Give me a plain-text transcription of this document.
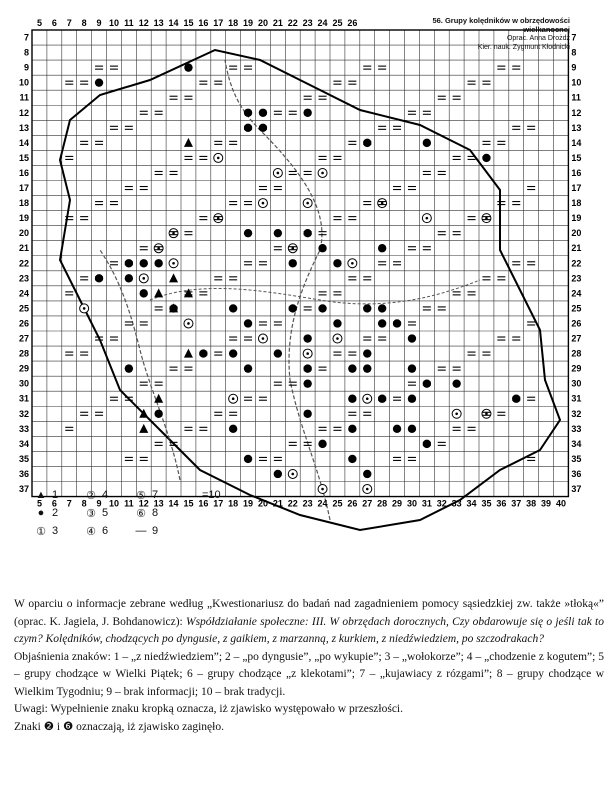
5 6 7 8 9 10 11 12 13 14 15 16 17 18 19 20 21 22 23 24 25 26
5 6 7 8 9 10 11 12 13 14 15 16 17 18 19 20 21 22 23 24 25 26 27 28 29 30 31 32 33 34 35 36 37 38 39 40
7
8
9
10
11
12
13
14
15
16
17
18
19
20
21
22
23
24
25
26
27
28
29
30
31
32
33
34
35
36
37
7
8
9
10
11
12
13
14
15
16
17
18
19
20
21
22
23
24
25
26
27
28
29
30
31
32
33
34
35
36
37
56. Grupy kolędników w obrzędowości
wielkanocnej
Oprac. Anna Drożdż
Kier. nauk. Zygmunt Kłodnicki
▲ 1
● 2
① 3
② 4
③ 5
④ 6
⑤ 7
⑥ 8
— 9
=10

W oparciu o informacje zebrane według „Kwestionariusz do badań nad zagadnieniem pomocy sąsiedzkiej zw. także »tłoką«” (oprac. K. Jagiela, J. Bohdanowicz): Współdziałanie społeczne: III. W obrzędach dorocznych, Czy obdarowuje się o jeśli tak to czym? Kolędników, chodzących po dyngusie, z gaikiem, z marzanną, z kurkiem, z niedźwiedziem, po szczodrakach?

Objaśnienia znaków: 1 – „z niedźwiedziem”; 2 – „po dyngusie”, „po wykupie”; 3 – „wołokorze”; 4 – „chodzenie z kogutem”; 5 – grupy chodzące w Wielki Piątek; 6 – grupy chodzące „z klekotami”; 7 – „kujawiacy z rózgami”; 8 – grupy chodzące w Wielkim Tygodniu; 9 – brak informacji; 10 – brak tradycji.

Uwagi: Wypełnienie znaku kropką oznacza, iż zjawisko występowało w przeszłości.

Znaki ❷ i ❻ oznaczają, iż zjawisko zaginęło.
